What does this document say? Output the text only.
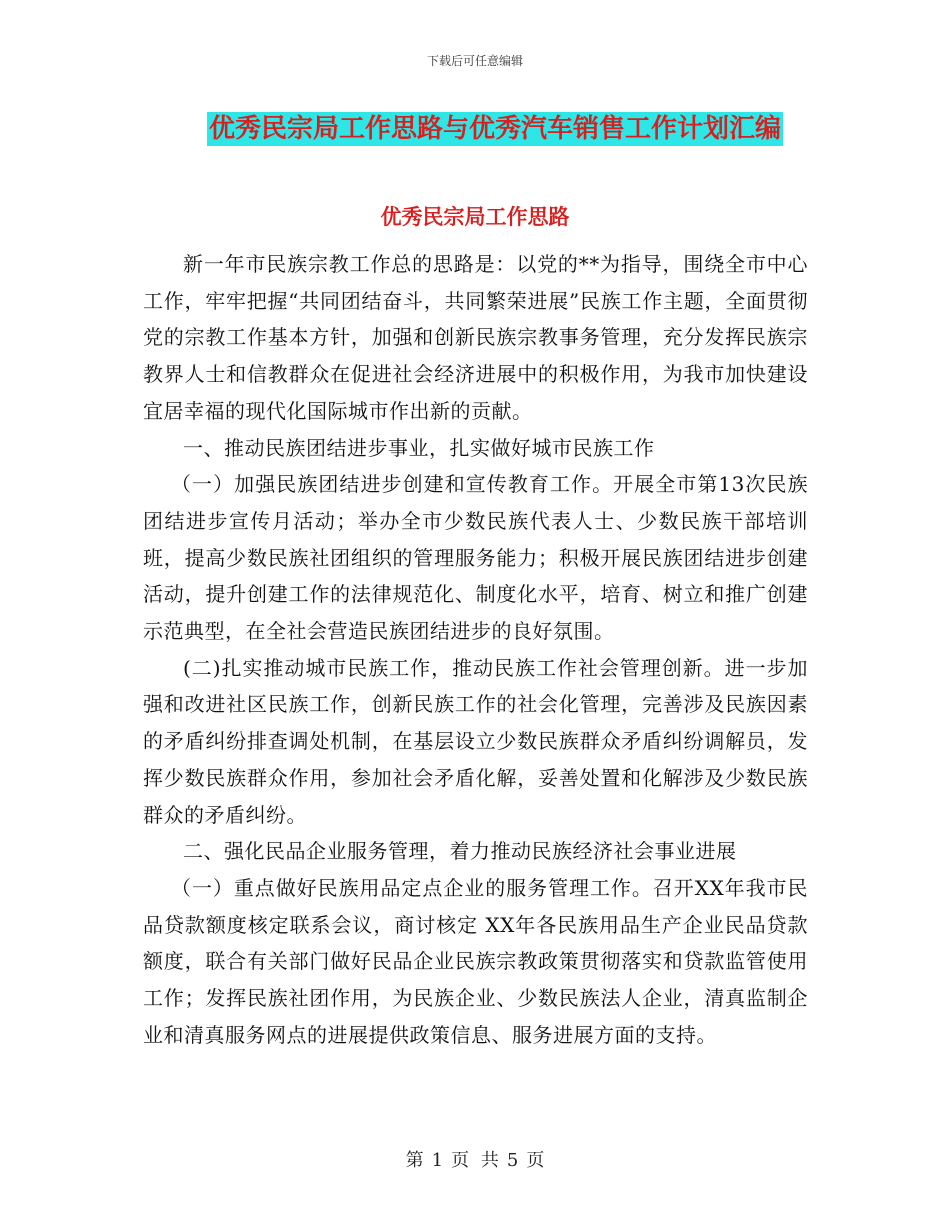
下载后可任意编辑
优秀民宗局工作思路与优秀汽车销售工作计划汇编
优秀民宗局工作思路

新一年市民族宗教工作总的思路是：以党的**为指导，围绕全市中心工作，牢牢把握“共同团结奋斗，共同繁荣进展”民族工作主题，全面贯彻党的宗教工作基本方针，加强和创新民族宗教事务管理，充分发挥民族宗教界人士和信教群众在促进社会经济进展中的积极作用，为我市加快建设宜居幸福的现代化国际城市作出新的贡献。

一、推动民族团结进步事业，扎实做好城市民族工作

（一）加强民族团结进步创建和宣传教育工作。开展全市第13次民族团结进步宣传月活动；举办全市少数民族代表人士、少数民族干部培训班，提高少数民族社团组织的管理服务能力；积极开展民族团结进步创建活动，提升创建工作的法律规范化、制度化水平，培育、树立和推广创建示范典型，在全社会营造民族团结进步的良好氛围。

(二)扎实推动城市民族工作，推动民族工作社会管理创新。进一步加强和改进社区民族工作，创新民族工作的社会化管理，完善涉及民族因素的矛盾纠纷排查调处机制，在基层设立少数民族群众矛盾纠纷调解员，发挥少数民族群众作用，参加社会矛盾化解，妥善处置和化解涉及少数民族群众的矛盾纠纷。

二、强化民品企业服务管理，着力推动民族经济社会事业进展

（一）重点做好民族用品定点企业的服务管理工作。召开XX年我市民品贷款额度核定联系会议，商讨核定 XX年各民族用品生产企业民品贷款额度，联合有关部门做好民品企业民族宗教政策贯彻落实和贷款监管使用工作；发挥民族社团作用，为民族企业、少数民族法人企业，清真监制企业和清真服务网点的进展提供政策信息、服务进展方面的支持。

第 1 页 共 5 页
